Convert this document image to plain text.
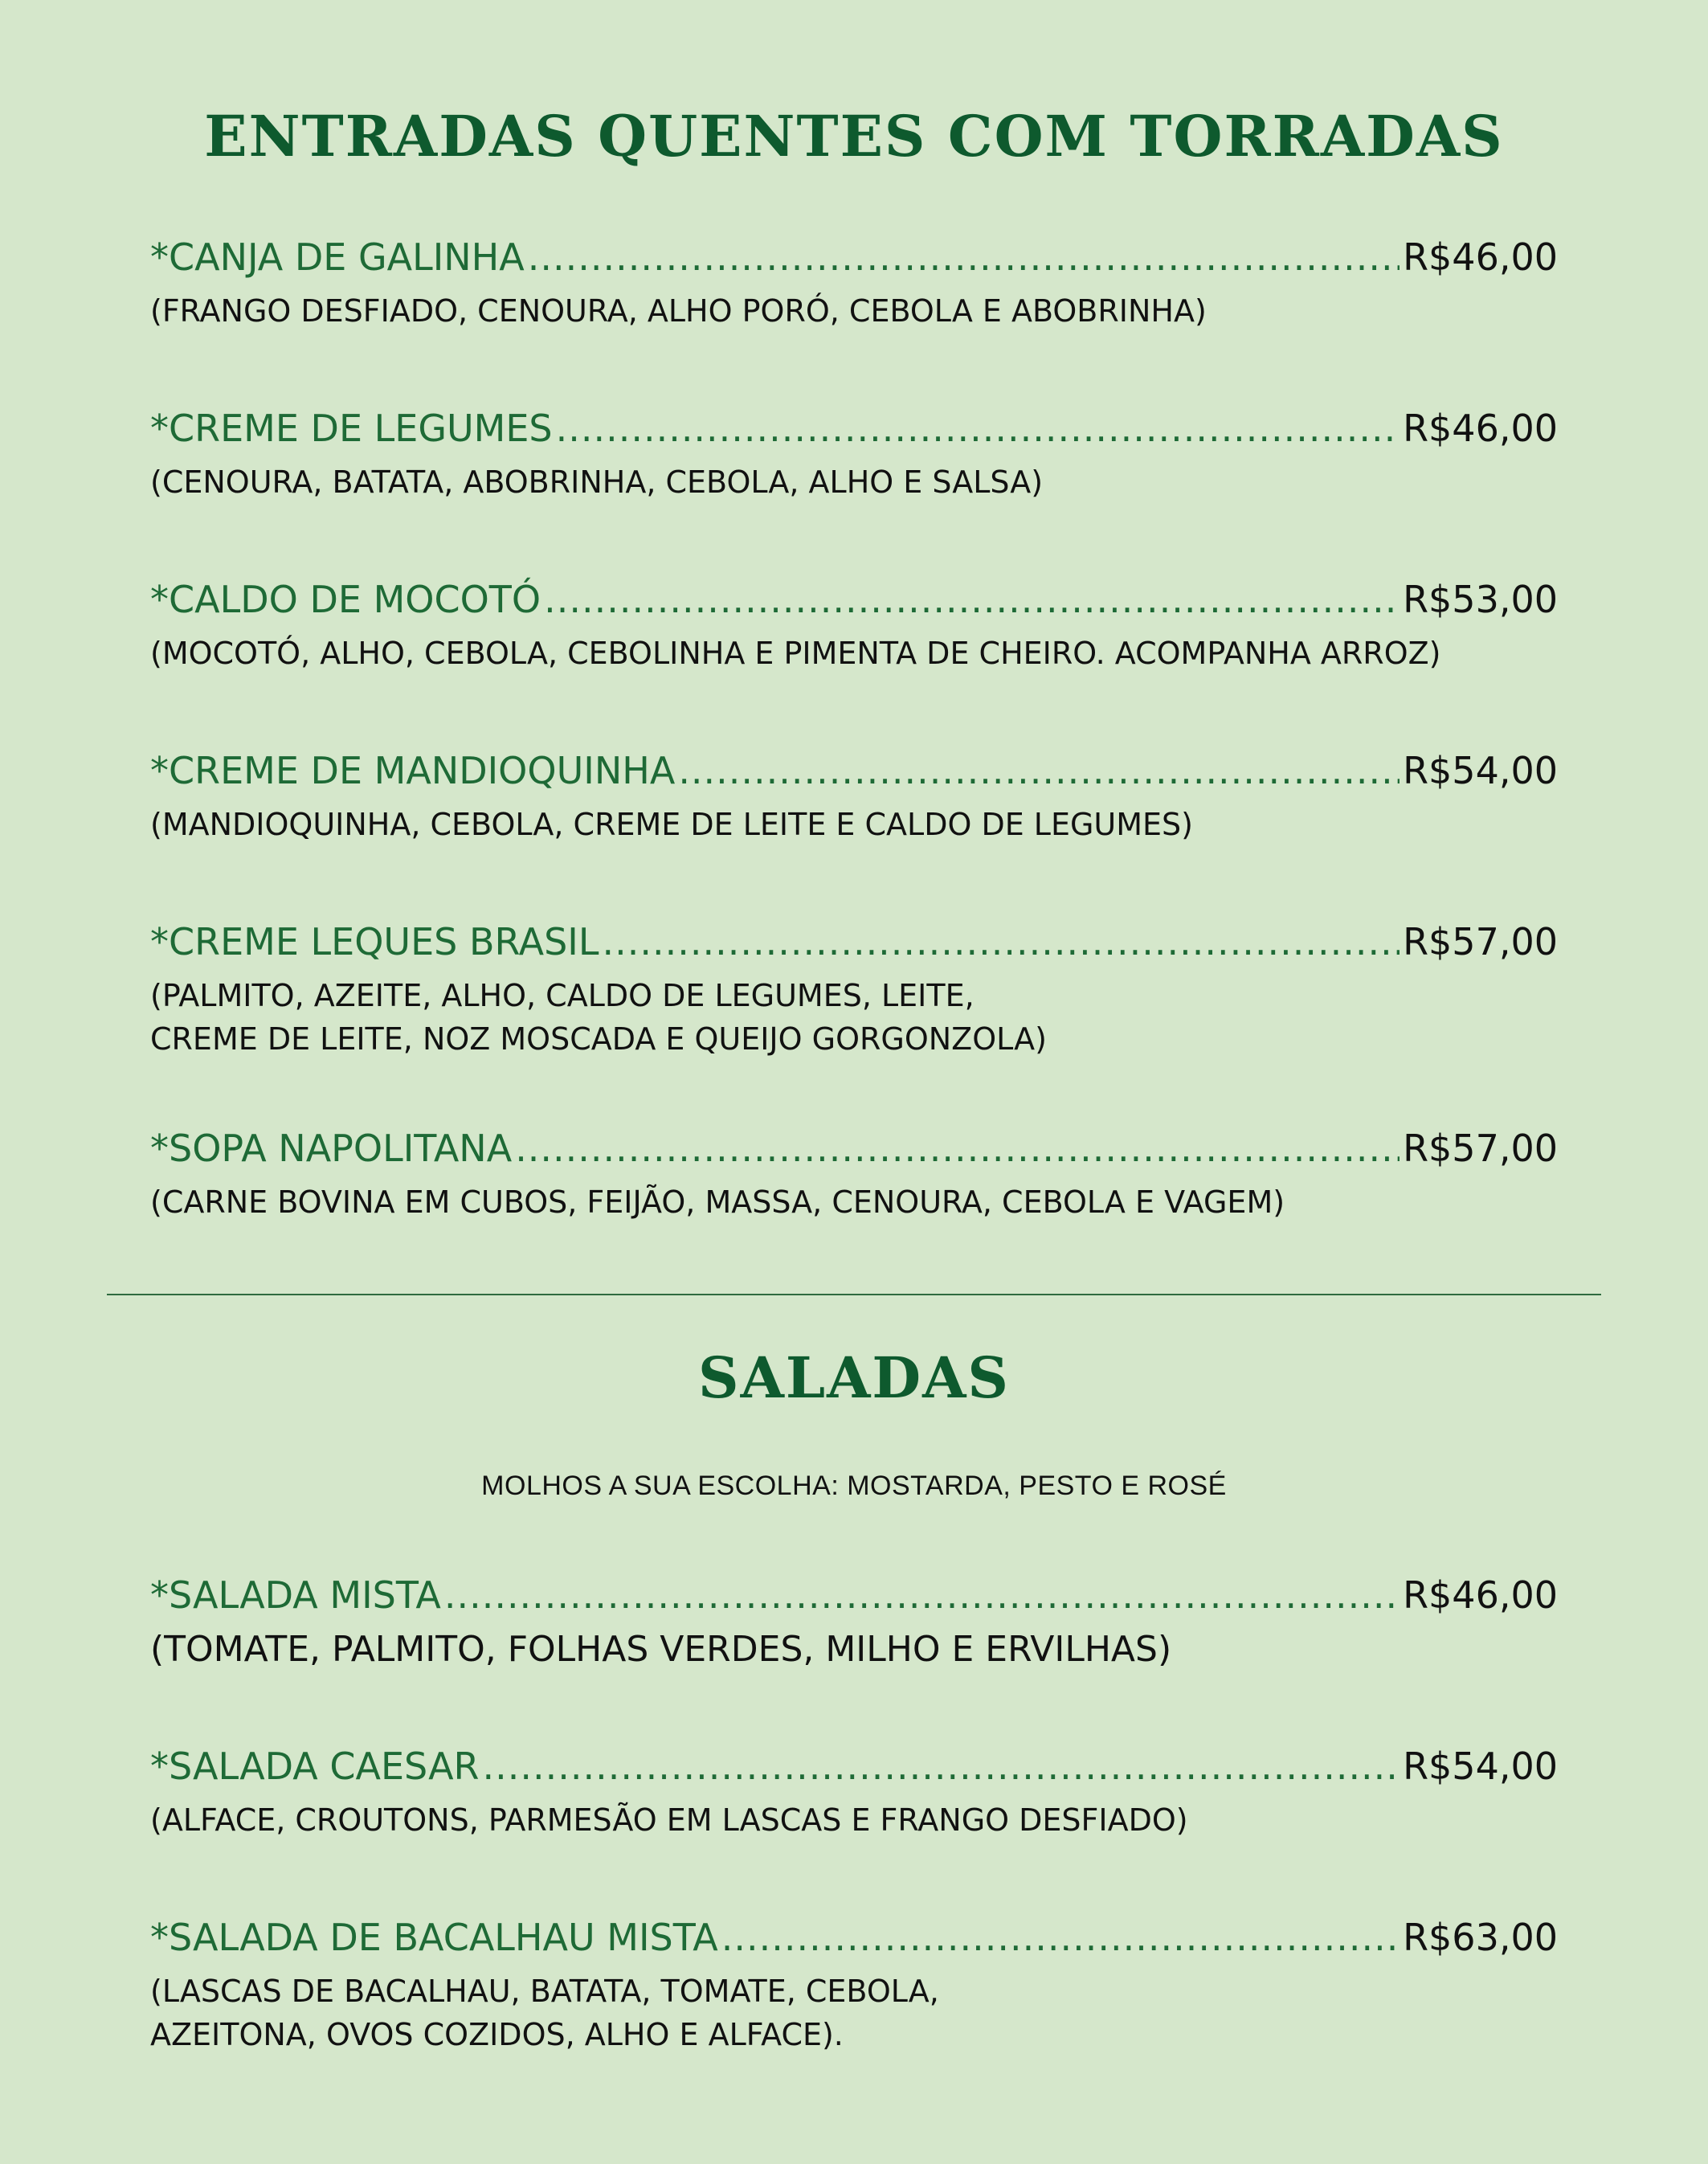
ENTRADAS QUENTES COM TORRADAS
*CANJA DE GALINHA .....	R$46,00
(FRANGO DESFIADO, CENOURA, ALHO PORÓ, CEBOLA E ABOBRINHA)
*CREME DE LEGUMES .....	R$46,00
(CENOURA, BATATA, ABOBRINHA, CEBOLA, ALHO E SALSA)
*CALDO DE MOCOTÓ .....	R$53,00
(MOCOTÓ, ALHO, CEBOLA, CEBOLINHA E PIMENTA DE CHEIRO. ACOMPANHA ARROZ)
*CREME DE MANDIOQUINHA .....	R$54,00
(MANDIOQUINHA, CEBOLA, CREME DE LEITE E CALDO DE LEGUMES)
*CREME LEQUES BRASIL .....	R$57,00
(PALMITO, AZEITE, ALHO, CALDO DE LEGUMES, LEITE,
CREME DE LEITE, NOZ MOSCADA E QUEIJO GORGONZOLA)
*SOPA NAPOLITANA .....	R$57,00
(CARNE BOVINA EM CUBOS, FEIJÃO, MASSA, CENOURA, CEBOLA E VAGEM)
SALADAS
MOLHOS A SUA ESCOLHA: MOSTARDA, PESTO E ROSÉ
*SALADA MISTA .....	R$46,00
(TOMATE, PALMITO, FOLHAS VERDES, MILHO E ERVILHAS)
*SALADA CAESAR .....	R$54,00
(ALFACE, CROUTONS, PARMESÃO EM LASCAS E FRANGO DESFIADO)
*SALADA DE BACALHAU MISTA .....	R$63,00
(LASCAS DE BACALHAU, BATATA, TOMATE, CEBOLA,
AZEITONA, OVOS COZIDOS, ALHO E ALFACE).
